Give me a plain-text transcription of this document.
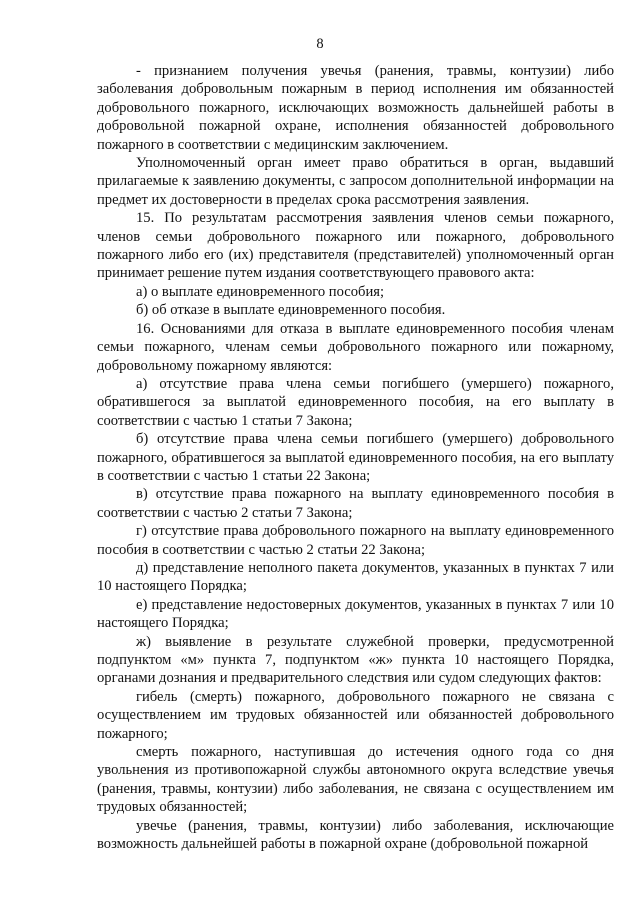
8

- признанием получения увечья (ранения, травмы, контузии) либо заболевания добровольным пожарным в период исполнения им обязанностей добровольного пожарного, исключающих возможность дальнейшей работы в добровольной пожарной охране, исполнения обязанностей добровольного пожарного в соответствии с медицинским заключением.

Уполномоченный орган имеет право обратиться в орган, выдавший прилагаемые к заявлению документы, с запросом дополнительной информации на предмет их достоверности в пределах срока рассмотрения заявления.

15. По результатам рассмотрения заявления членов семьи пожарного, членов семьи добровольного пожарного или пожарного, добровольного пожарного либо его (их) представителя (представителей) уполномоченный орган принимает решение путем издания соответствующего правового акта:

а) о выплате единовременного пособия;

б) об отказе в выплате единовременного пособия.

16. Основаниями для отказа в выплате единовременного пособия членам семьи пожарного, членам семьи добровольного пожарного или пожарному, добровольному пожарному являются:

а) отсутствие права члена семьи погибшего (умершего) пожарного, обратившегося за выплатой единовременного пособия, на его выплату в соответствии с частью 1 статьи 7 Закона;

б) отсутствие права члена семьи погибшего (умершего) добровольного пожарного, обратившегося за выплатой единовременного пособия, на его выплату в соответствии с частью 1 статьи 22 Закона;

в) отсутствие права пожарного на выплату единовременного пособия в соответствии с частью 2 статьи 7 Закона;

г) отсутствие права добровольного пожарного на выплату единовременного пособия в соответствии с частью 2 статьи 22 Закона;

д) представление неполного пакета документов, указанных в пунктах 7 или 10 настоящего Порядка;

е) представление недостоверных документов, указанных в пунктах 7 или 10 настоящего Порядка;

ж) выявление в результате служебной проверки, предусмотренной подпунктом «м» пункта 7, подпунктом «ж» пункта 10 настоящего Порядка, органами дознания и предварительного следствия или судом следующих фактов:

гибель (смерть) пожарного, добровольного пожарного не связана с осуществлением им трудовых обязанностей или обязанностей добровольного пожарного;

смерть пожарного, наступившая до истечения одного года со дня увольнения из противопожарной службы автономного округа вследствие увечья (ранения, травмы, контузии) либо заболевания, не связана с осуществлением им трудовых обязанностей;

увечье (ранения, травмы, контузии) либо заболевания, исключающие возможность дальнейшей работы в пожарной охране (добровольной пожарной
